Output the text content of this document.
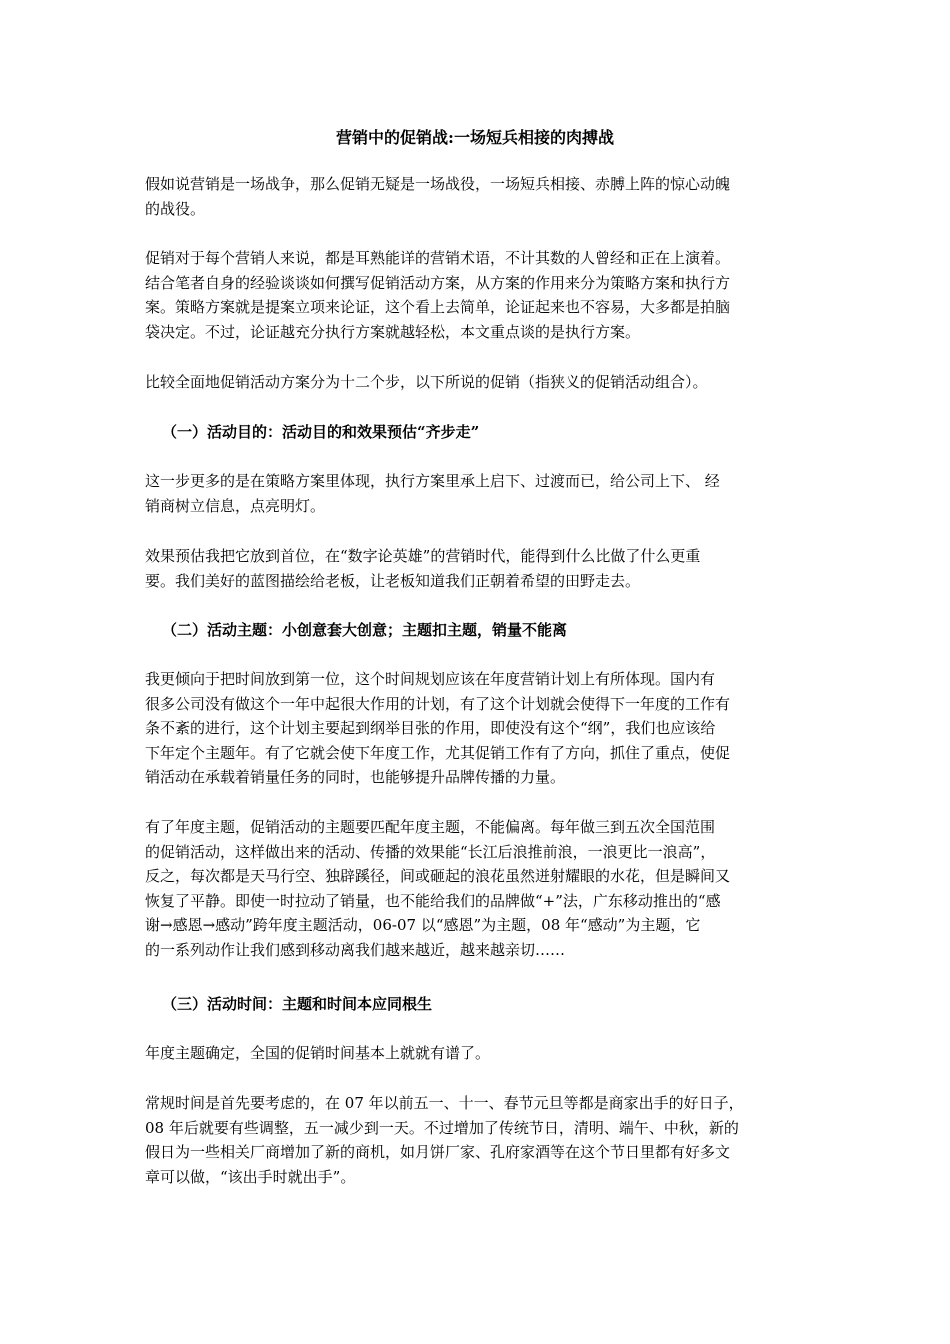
营销中的促销战:一场短兵相接的肉搏战
假如说营销是一场战争，那么促销无疑是一场战役，一场短兵相接、赤膊上阵的惊心动魄
的战役。
促销对于每个营销人来说，都是耳熟能详的营销术语，不计其数的人曾经和正在上演着。
结合笔者自身的经验谈谈如何撰写促销活动方案，从方案的作用来分为策略方案和执行方
案。策略方案就是提案立项来论证，这个看上去简单，论证起来也不容易，大多都是拍脑
袋决定。不过，论证越充分执行方案就越轻松，本文重点谈的是执行方案。
比较全面地促销活动方案分为十二个步，以下所说的促销（指狭义的促销活动组合）。
（一）活动目的：活动目的和效果预估“齐步走”
这一步更多的是在策略方案里体现，执行方案里承上启下、过渡而已，给公司上下、 经
销商树立信息，点亮明灯。
效果预估我把它放到首位，在“数字论英雄”的营销时代，能得到什么比做了什么更重
要。我们美好的蓝图描绘给老板，让老板知道我们正朝着希望的田野走去。
（二）活动主题：小创意套大创意；主题扣主题，销量不能离
我更倾向于把时间放到第一位，这个时间规划应该在年度营销计划上有所体现。国内有
很多公司没有做这个一年中起很大作用的计划，有了这个计划就会使得下一年度的工作有
条不紊的进行，这个计划主要起到纲举目张的作用，即使没有这个“纲”，我们也应该给
下年定个主题年。有了它就会使下年度工作，尤其促销工作有了方向，抓住了重点，使促
销活动在承载着销量任务的同时，也能够提升品牌传播的力量。
有了年度主题，促销活动的主题要匹配年度主题，不能偏离。每年做三到五次全国范围
的促销活动，这样做出来的活动、传播的效果能“长江后浪推前浪，一浪更比一浪高”，
反之，每次都是天马行空、独辟蹊径，间或砸起的浪花虽然迸射耀眼的水花，但是瞬间又
恢复了平静。即使一时拉动了销量，也不能给我们的品牌做“+”法，广东移动推出的“感
谢→感恩→感动”跨年度主题活动，06-07 以“感恩”为主题，08 年“感动”为主题，它
的一系列动作让我们感到移动离我们越来越近，越来越亲切……
（三）活动时间：主题和时间本应同根生
年度主题确定，全国的促销时间基本上就就有谱了。
常规时间是首先要考虑的，在 07 年以前五一、十一、春节元旦等都是商家出手的好日子，
08 年后就要有些调整，五一减少到一天。不过增加了传统节日，清明、端午、中秋，新的
假日为一些相关厂商增加了新的商机，如月饼厂家、孔府家酒等在这个节日里都有好多文
章可以做，“该出手时就出手”。
